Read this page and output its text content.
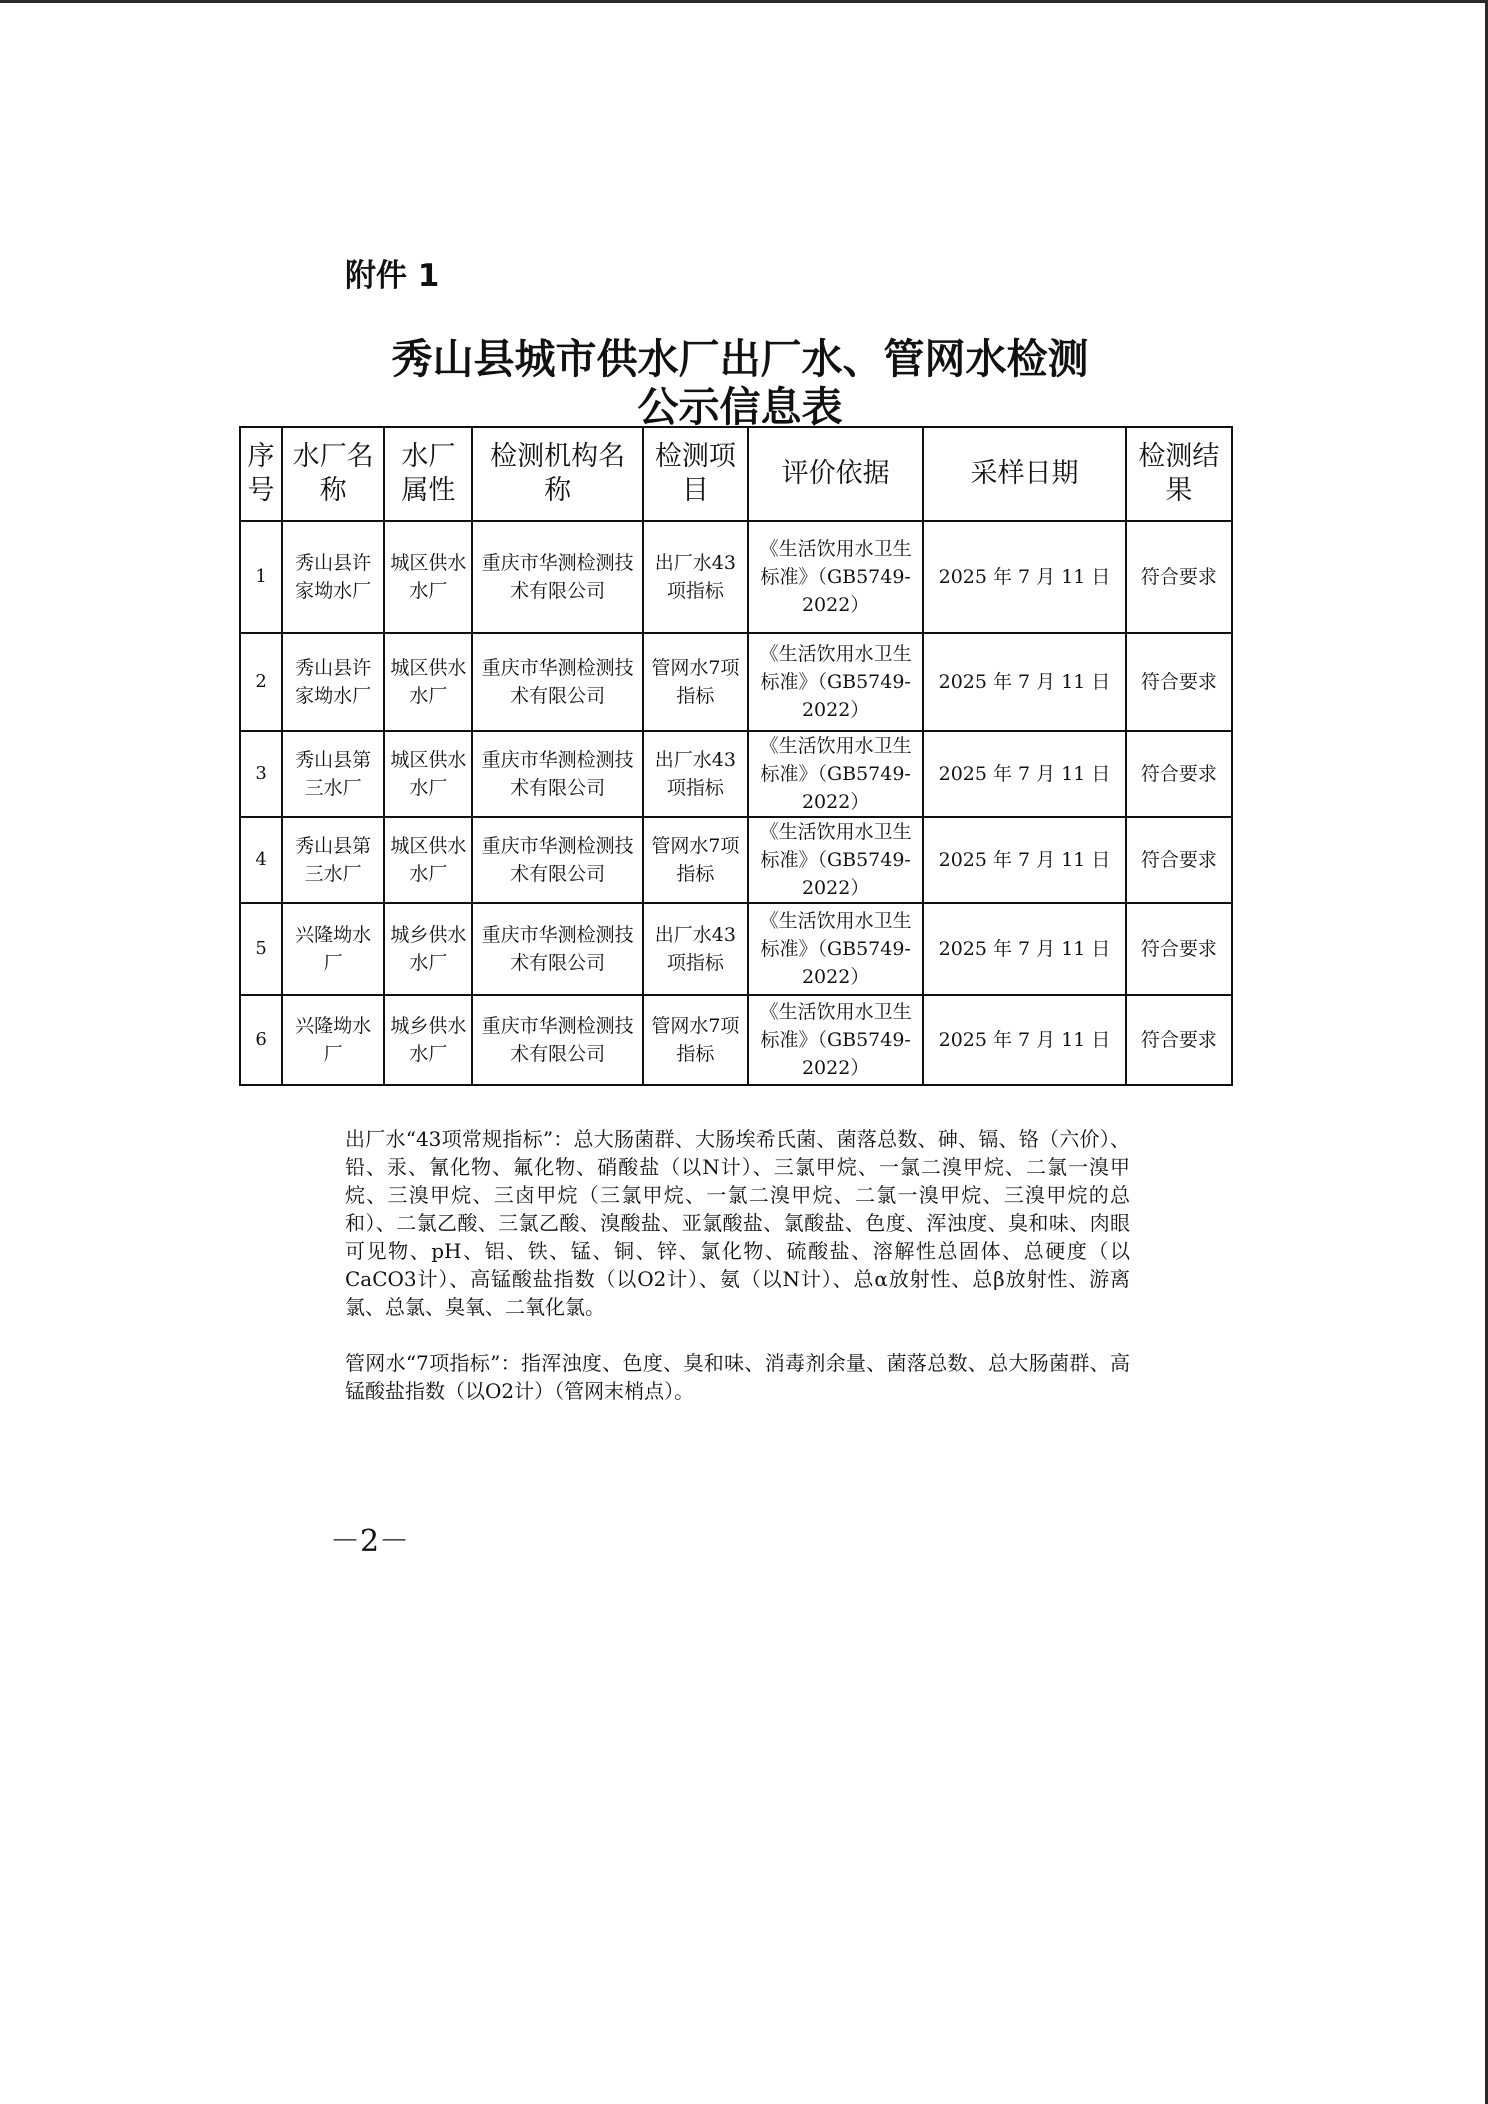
附件 1
秀山县城市供水厂出厂水、管网水检测
公示信息表
序号	水厂名称	水厂属性	检测机构名称	检测项目	评价依据	采样日期	检测结果
1	秀山县许家坳水厂	城区供水水厂	重庆市华测检测技术有限公司	出厂水43项指标	《生活饮用水卫生标准》（GB5749-2022）	2025 年 7 月 11 日	符合要求
2	秀山县许家坳水厂	城区供水水厂	重庆市华测检测技术有限公司	管网水7项指标	《生活饮用水卫生标准》（GB5749-2022）	2025 年 7 月 11 日	符合要求
3	秀山县第三水厂	城区供水水厂	重庆市华测检测技术有限公司	出厂水43项指标	《生活饮用水卫生标准》（GB5749-2022）	2025 年 7 月 11 日	符合要求
4	秀山县第三水厂	城区供水水厂	重庆市华测检测技术有限公司	管网水7项指标	《生活饮用水卫生标准》（GB5749-2022）	2025 年 7 月 11 日	符合要求
5	兴隆坳水厂	城乡供水水厂	重庆市华测检测技术有限公司	出厂水43项指标	《生活饮用水卫生标准》（GB5749-2022）	2025 年 7 月 11 日	符合要求
6	兴隆坳水厂	城乡供水水厂	重庆市华测检测技术有限公司	管网水7项指标	《生活饮用水卫生标准》（GB5749-2022）	2025 年 7 月 11 日	符合要求

出厂水“43项常规指标”：总大肠菌群、大肠埃希氏菌、菌落总数、砷、镉、铬（六价）、铅、汞、氰化物、氟化物、硝酸盐（以N计）、三氯甲烷、一氯二溴甲烷、二氯一溴甲烷、三溴甲烷、三卤甲烷（三氯甲烷、一氯二溴甲烷、二氯一溴甲烷、三溴甲烷的总和）、二氯乙酸、三氯乙酸、溴酸盐、亚氯酸盐、氯酸盐、色度、浑浊度、臭和味、肉眼可见物、pH、铝、铁、锰、铜、锌、氯化物、硫酸盐、溶解性总固体、总硬度（以CaCO3计）、高锰酸盐指数（以O2计）、氨（以N计）、总α放射性、总β放射性、游离氯、总氯、臭氧、二氧化氯。

管网水“7项指标”：指浑浊度、色度、臭和味、消毒剂余量、菌落总数、总大肠菌群、高锰酸盐指数（以O2计）（管网末梢点）。

－2－
